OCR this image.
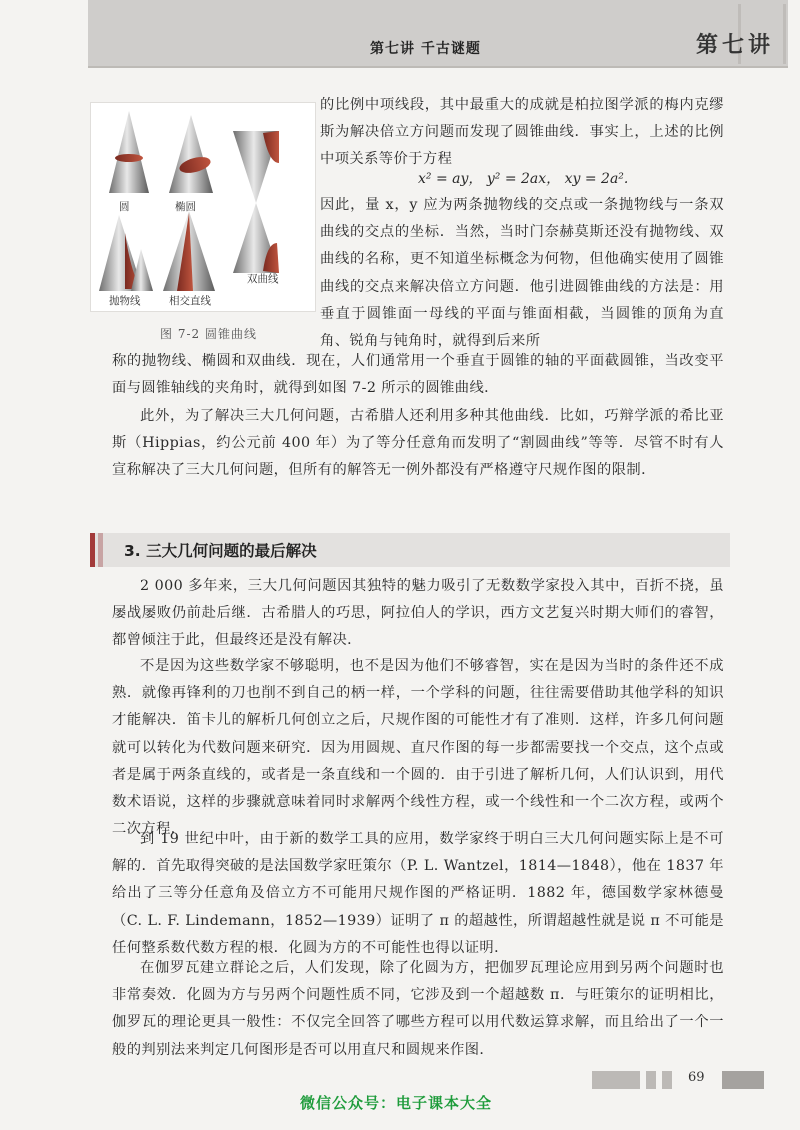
第七讲 千古谜题	第七讲
圆	椭圆
双曲线
抛物线	相交直线
图 7-2 圆锥曲线

的比例中项线段，其中最重大的成就是柏拉图学派的梅内克缪斯为解决倍立方问题而发现了圆锥曲线．事实上，上述的比例中项关系等价于方程

x² = ay， y² = 2ax， xy = 2a².

因此，量 x，y 应为两条抛物线的交点或一条抛物线与一条双曲线的交点的坐标．当然，当时门奈赫莫斯还没有抛物线、双曲线的名称，更不知道坐标概念为何物，但他确实使用了圆锥曲线的交点来解决倍立方问题．他引进圆锥曲线的方法是：用垂直于圆锥面一母线的平面与锥面相截，当圆锥的顶角为直角、锐角与钝角时，就得到后来所

称的抛物线、椭圆和双曲线．现在，人们通常用一个垂直于圆锥的轴的平面截圆锥，当改变平面与圆锥轴线的夹角时，就得到如图 7-2 所示的圆锥曲线．

此外，为了解决三大几何问题，古希腊人还利用多种其他曲线．比如，巧辩学派的希比亚斯（Hippias，约公元前 400 年）为了等分任意角而发明了“割圆曲线”等等．尽管不时有人宣称解决了三大几何问题，但所有的解答无一例外都没有严格遵守尺规作图的限制．

3. 三大几何问题的最后解决

2 000 多年来，三大几何问题因其独特的魅力吸引了无数数学家投入其中，百折不挠，虽屡战屡败仍前赴后继．古希腊人的巧思，阿拉伯人的学识，西方文艺复兴时期大师们的睿智，都曾倾注于此，但最终还是没有解决．

不是因为这些数学家不够聪明，也不是因为他们不够睿智，实在是因为当时的条件还不成熟．就像再锋利的刀也削不到自己的柄一样，一个学科的问题，往往需要借助其他学科的知识才能解决．笛卡儿的解析几何创立之后，尺规作图的可能性才有了准则．这样，许多几何问题就可以转化为代数问题来研究．因为用圆规、直尺作图的每一步都需要找一个交点，这个点或者是属于两条直线的，或者是一条直线和一个圆的．由于引进了解析几何，人们认识到，用代数术语说，这样的步骤就意味着同时求解两个线性方程，或一个线性和一个二次方程，或两个二次方程．

到 19 世纪中叶，由于新的数学工具的应用，数学家终于明白三大几何问题实际上是不可解的．首先取得突破的是法国数学家旺策尔（P. L. Wantzel，1814—1848），他在 1837 年给出了三等分任意角及倍立方不可能用尺规作图的严格证明．1882 年，德国数学家林德曼（C. L. F. Lindemann，1852—1939）证明了 π 的超越性，所谓超越性就是说 π 不可能是任何整系数代数方程的根．化圆为方的不可能性也得以证明．

在伽罗瓦建立群论之后，人们发现，除了化圆为方，把伽罗瓦理论应用到另两个问题时也非常奏效．化圆为方与另两个问题性质不同，它涉及到一个超越数 π．与旺策尔的证明相比，伽罗瓦的理论更具一般性：不仅完全回答了哪些方程可以用代数运算求解，而且给出了一个一般的判别法来判定几何图形是否可以用直尺和圆规来作图．

69
微信公众号：电子课本大全
